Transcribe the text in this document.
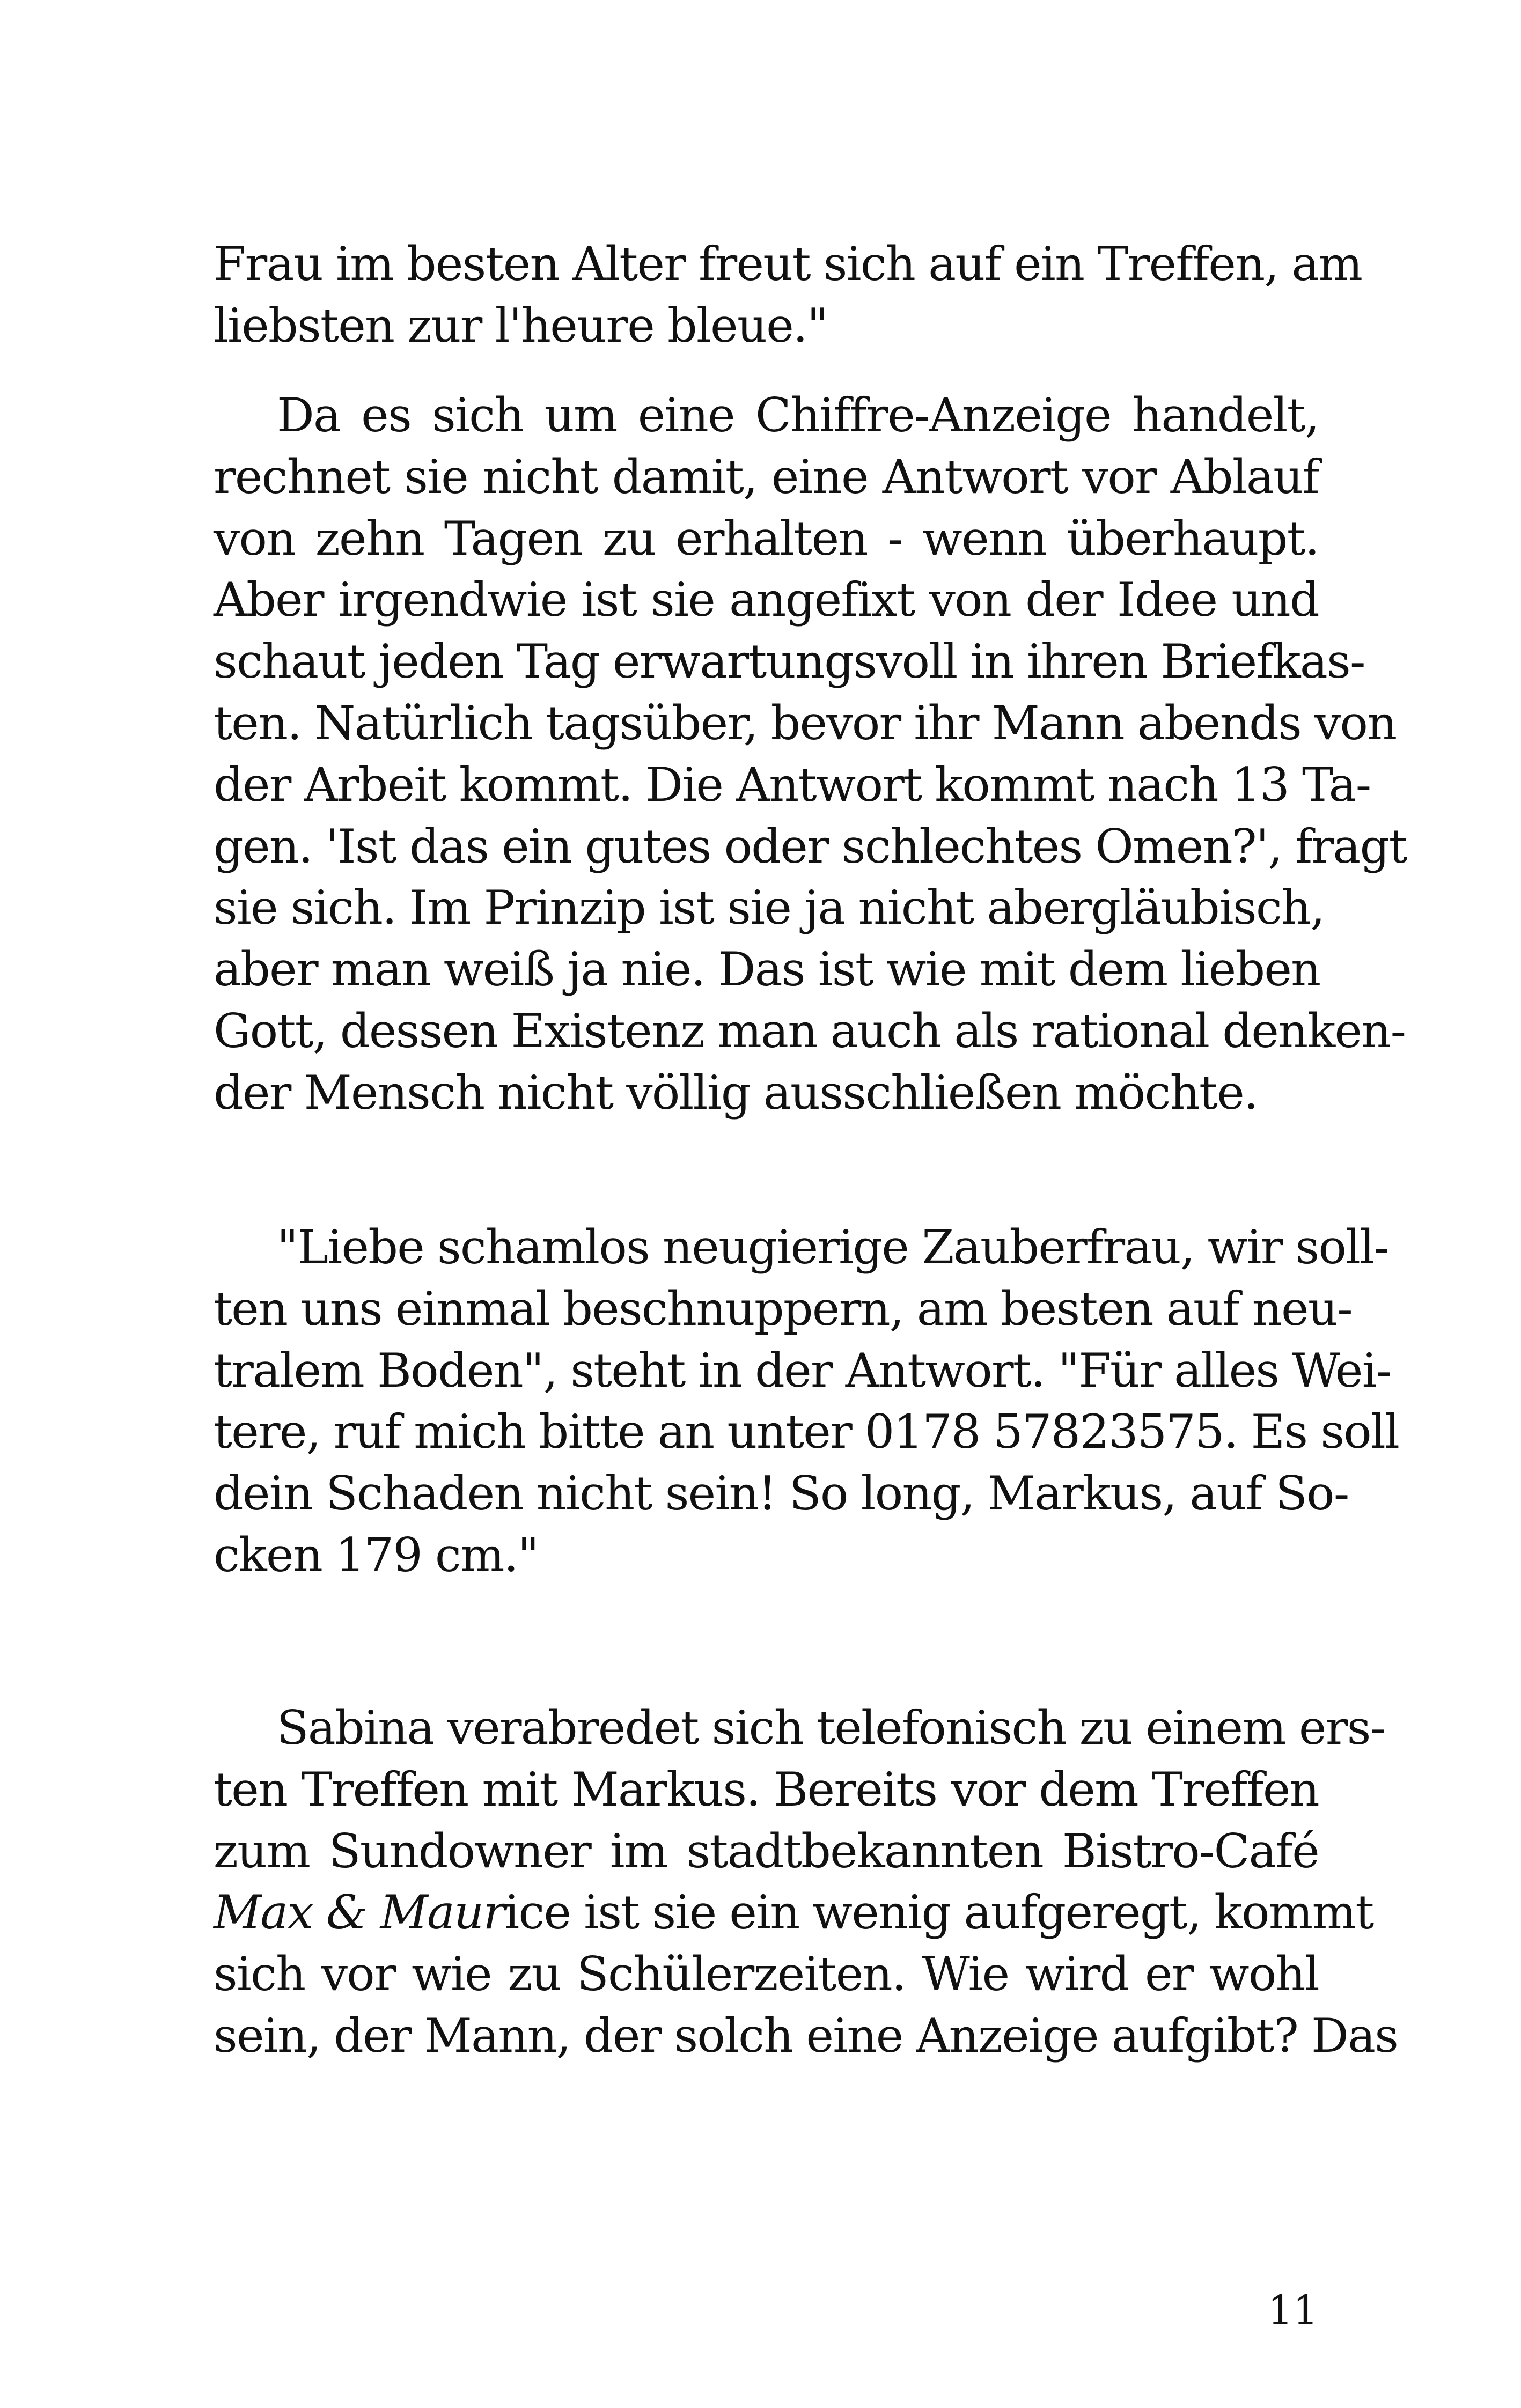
Frau im besten Alter freut sich auf ein Treffen, am
liebsten zur l'heure bleue."
Da es sich um eine Chiffre-Anzeige handelt,
rechnet sie nicht damit, eine Antwort vor Ablauf
von zehn Tagen zu erhalten - wenn überhaupt.
Aber irgendwie ist sie angefixt von der Idee und
schaut jeden Tag erwartungsvoll in ihren Briefkas-
ten. Natürlich tagsüber, bevor ihr Mann abends von
der Arbeit kommt. Die Antwort kommt nach 13 Ta-
gen. 'Ist das ein gutes oder schlechtes Omen?', fragt
sie sich. Im Prinzip ist sie ja nicht abergläubisch,
aber man weiß ja nie. Das ist wie mit dem lieben
Gott, dessen Existenz man auch als rational denken-
der Mensch nicht völlig ausschließen möchte.
"Liebe schamlos neugierige Zauberfrau, wir soll-
ten uns einmal beschnuppern, am besten auf neu-
tralem Boden", steht in der Antwort. "Für alles Wei-
tere, ruf mich bitte an unter 0178 57823575. Es soll
dein Schaden nicht sein! So long, Markus, auf So-
cken 179 cm."
Sabina verabredet sich telefonisch zu einem ers-
ten Treffen mit Markus. Bereits vor dem Treffen
zum Sundowner im stadtbekannten Bistro-Café
Max & Maurice ist sie ein wenig aufgeregt, kommt
sich vor wie zu Schülerzeiten. Wie wird er wohl
sein, der Mann, der solch eine Anzeige aufgibt? Das
11
